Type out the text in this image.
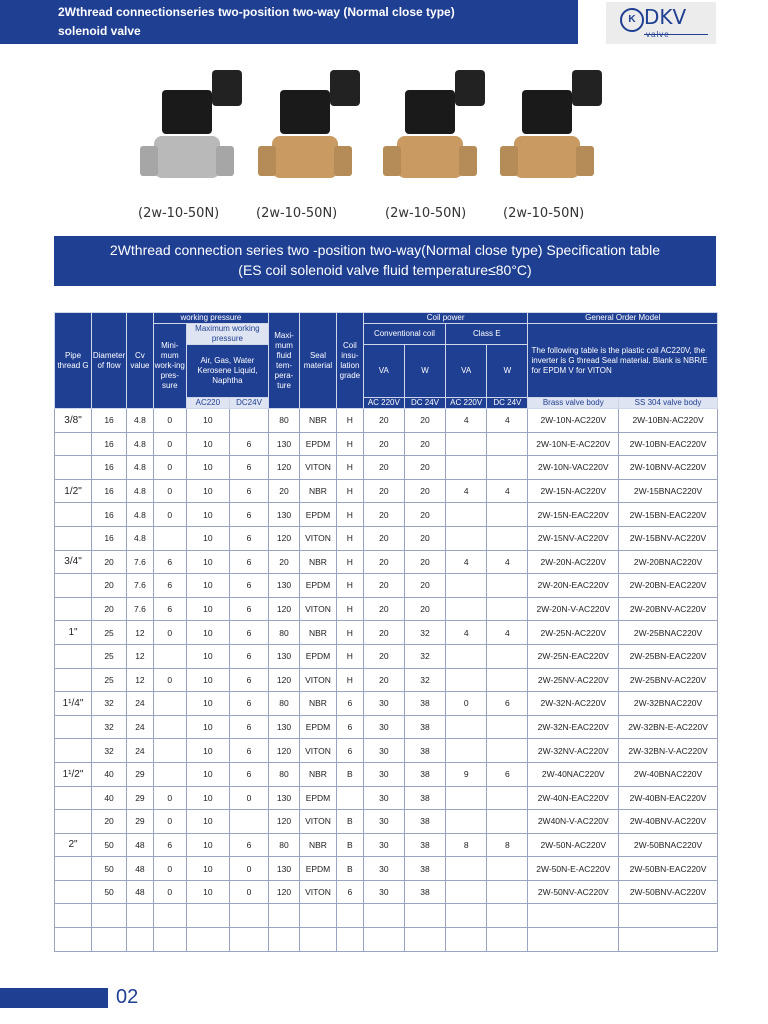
2Wthread connectionseries two-position two-way (Normal close type)
solenoid valve
K DKV
valve
(2w-10-50N)	(2w-10-50N)	(2w-10-50N)	(2w-10-50N)
2Wthread connection series two -position two-way(Normal close type) Specification table
(ES coil solenoid valve fluid temperature≤80°C)
Pipe thread G	Diameter of flow	Cv value	working pressure			Maxi-mum fluid tem-pera-ture	Seal material	Coil insu-lation grade	Coil power				General Order Model	
			Mini-mum work-ing pres-sure	Maximum working pressure					Conventional coil		Class E		The following table is the plastic coil AC220V, the inverter is G thread Seal material. Blank is NBR/E for EPDM V for VITON	
				Air, Gas, Water Kerosene Liquid, Naphtha					VA	W	VA	W		
				AC220	DC24V				AC 220V	DC 24V	AC 220V	DC 24V	Brass valve body	SS 304 valve body
3/8"	16	4.8	0	10		80	NBR	H	20	20	4	4	2W-10N-AC220V	2W-10BN-AC220V
	16	4.8	0	10	6	130	EPDM	H	20	20			2W-10N-E-AC220V	2W-10BN-EAC220V
	16	4.8	0	10	6	120	VITON	H	20	20			2W-10N-VAC220V	2W-10BNV-AC220V
1/2"	16	4.8	0	10	6	20	NBR	H	20	20	4	4	2W-15N-AC220V	2W-15BNAC220V
	16	4.8	0	10	6	130	EPDM	H	20	20			2W-15N-EAC220V	2W-15BN-EAC220V
	16	4.8		10	6	120	VITON	H	20	20			2W-15NV-AC220V	2W-15BNV-AC220V
3/4"	20	7.6	6	10	6	20	NBR	H	20	20	4	4	2W-20N-AC220V	2W-20BNAC220V
	20	7.6	6	10	6	130	EPDM	H	20	20			2W-20N-EAC220V	2W-20BN-EAC220V
	20	7.6	6	10	6	120	VITON	H	20	20			2W-20N-V-AC220V	2W-20BNV-AC220V
1"	25	12	0	10	6	80	NBR	H	20	32	4	4	2W-25N-AC220V	2W-25BNAC220V
	25	12		10	6	130	EPDM	H	20	32			2W-25N-EAC220V	2W-25BN-EAC220V
	25	12	0	10	6	120	VITON	H	20	32			2W-25NV-AC220V	2W-25BNV-AC220V
1¹/4"	32	24		10	6	80	NBR	6	30	38	0	6	2W-32N-AC220V	2W-32BNAC220V
	32	24		10	6	130	EPDM	6	30	38			2W-32N-EAC220V	2W-32BN-E-AC220V
	32	24		10	6	120	VITON	6	30	38			2W-32NV-AC220V	2W-32BN-V-AC220V
1¹/2"	40	29		10	6	80	NBR	B	30	38	9	6	2W-40NAC220V	2W-40BNAC220V
	40	29	0	10	0	130	EPDM		30	38			2W-40N-EAC220V	2W-40BN-EAC220V
	20	29	0	10		120	VITON	B	30	38			2W40N-V-AC220V	2W-40BNV-AC220V
2"	50	48	6	10	6	80	NBR	B	30	38	8	8	2W-50N-AC220V	2W-50BNAC220V
	50	48	0	10	0	130	EPDM	B	30	38			2W-50N-E-AC220V	2W-50BN-EAC220V
	50	48	0	10	0	120	VITON	6	30	38			2W-50NV-AC220V	2W-50BNV-AC220V

02
